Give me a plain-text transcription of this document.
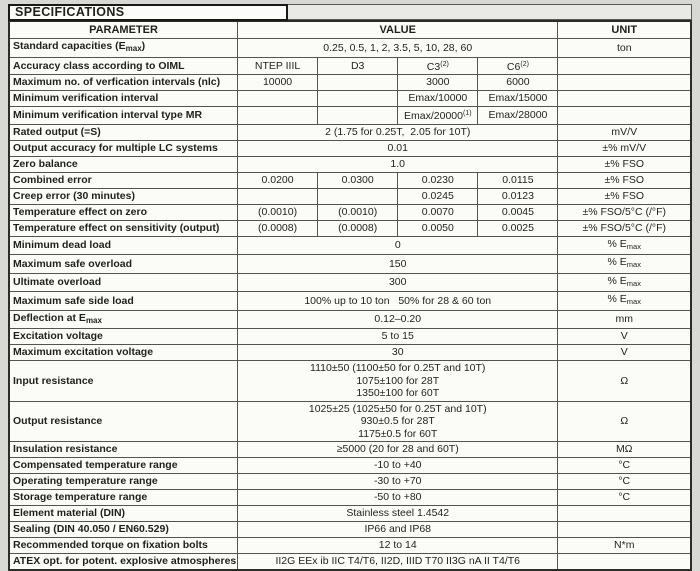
SPECIFICATIONS
PARAMETER	VALUE				UNIT
Standard capacities $(E_{max})$	0.25, 0.5, 1, 2, 3.5, 5, 10, 28, 60				ton
Accuracy class according to OIML	NTEP IIIL	D3	C3$^{(2)}$	C6$^{(2)}$	
Maximum no. of verfication intervals (nlc)	10000		3000	6000	
Minimum verification interval			Emax/10000	Emax/15000	
Minimum verification interval type MR			Emax/20000$^{(1)}$	Emax/28000	
Rated output (=S)	2 (1.75 for 0.25T,  2.05 for 10T)				mV/V
Output accuracy for multiple LC systems	0.01				±% mV/V
Zero balance	1.0				±% FSO
Combined error	0.0200	0.0300	0.0230	0.0115	±% FSO
Creep error (30 minutes)			0.0245	0.0123	±% FSO
Temperature effect on zero	(0.0010)	(0.0010)	0.0070	0.0045	±% FSO/5°C (/°F)
Temperature effect on sensitivity (output)	(0.0008)	(0.0008)	0.0050	0.0025	±% FSO/5°C (/°F)
Minimum dead load	0				% $E_{max}$
Maximum safe overload	150				% $E_{max}$
Ultimate overload	300				% $E_{max}$
Maximum safe side load	100% up to 10 ton   50% for 28 & 60 ton				% $E_{max}$
Deflection at $E_{max}$	0.12–0.20				mm
Excitation voltage	5 to 15				V
Maximum excitation voltage	30				V
Input resistance	1110±50 (1100±50 for 0.25T and 10T)
1075±100 for 28T
1350±100 for 60T				Ω
Output resistance	1025±25 (1025±50 for 0.25T and 10T)
930±0.5 for 28T
1175±0.5 for 60T				Ω
Insulation resistance	≥5000 (20 for 28 and 60T)				MΩ
Compensated temperature range	-10 to +40				°C
Operating temperature range	-30 to +70				°C
Storage temperature range	-50 to +80				°C
Element material (DIN)	Stainless steel 1.4542				
Sealing (DIN 40.050 / EN60.529)	IP66 and IP68				
Recommended torque on fixation bolts	12 to 14				N*m
ATEX opt. for potent. explosive atmospheres	II2G EEx ib IIC T4/T6, II2D, IIID T70 II3G nA II T4/T6				
